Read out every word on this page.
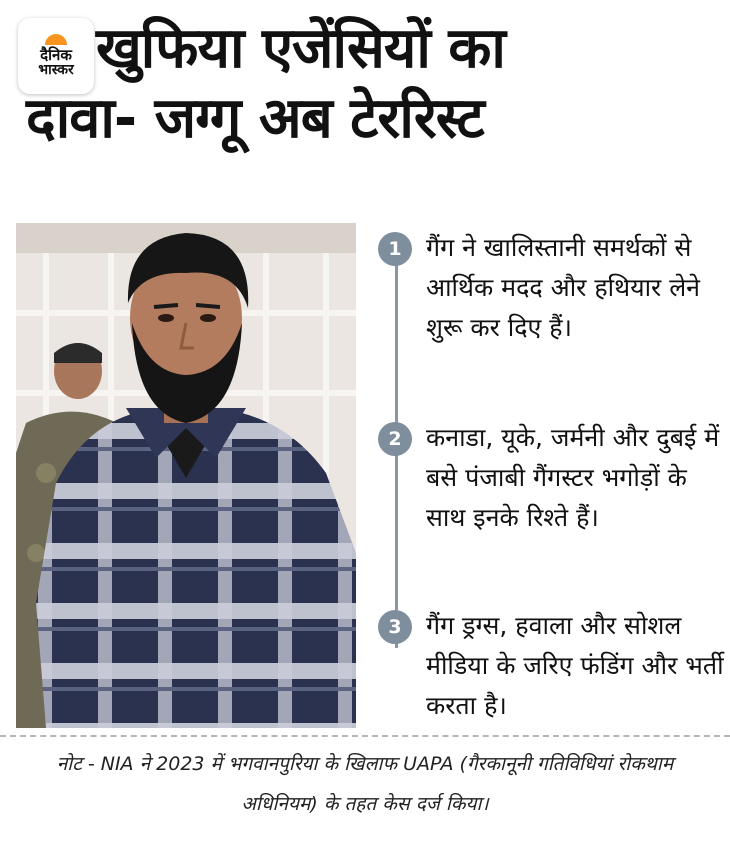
दैनिक
भास्कर खुफिया एजेंसियों का
दावा- जग्गू अब टेररिस्ट
1 गैंग ने खालिस्तानी समर्थकों से आर्थिक मदद और हथियार लेने शुरू कर दिए हैं।
2 कनाडा, यूके, जर्मनी और दुबई में बसे पंजाबी गैंगस्टर भगोड़ों के साथ इनके रिश्ते हैं।
3 गैंग ड्रग्स, हवाला और सोशल मीडिया के जरिए फंडिंग और भर्ती करता है।
नोट - NIA ने 2023 में भगवानपुरिया के खिलाफ UAPA (गैरकानूनी गतिविधियां रोकथाम अधिनियम) के तहत केस दर्ज किया।
